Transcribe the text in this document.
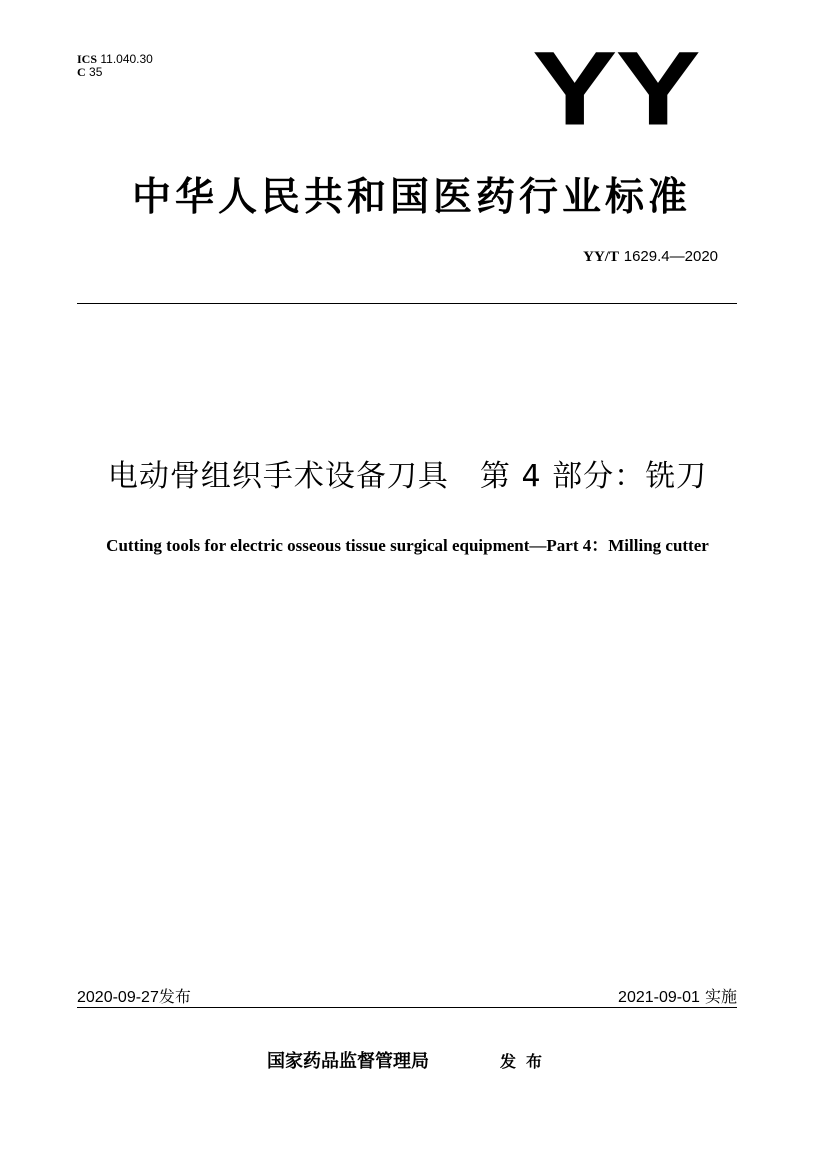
ICS 11.040.30
C 35	YY
中华人民共和国医药行业标准
YY/T 1629.4—2020
电动骨组织手术设备刀具　第 4 部分：铣刀
Cutting tools for electric osseous tissue surgical equipment—Part 4：Milling cutter
2020-09-27发布	2021-09-01 实施
国家药品监督管理局	发布
